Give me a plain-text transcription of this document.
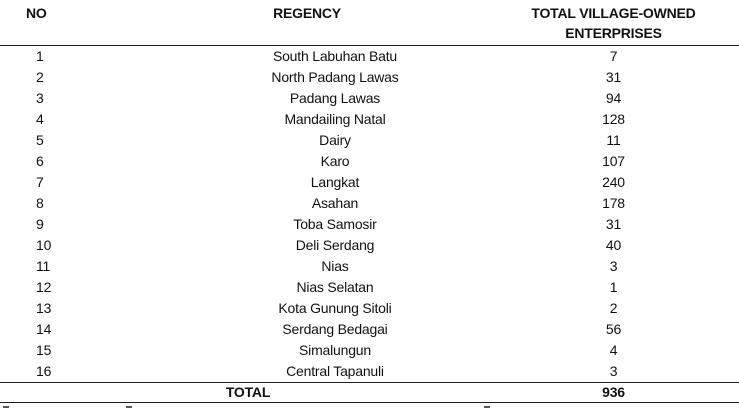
NO	REGENCY	TOTAL VILLAGE-OWNED
ENTERPRISES
1	South Labuhan Batu	7
2	North Padang Lawas	31
3	Padang Lawas	94
4	Mandailing Natal	128
5	Dairy	11
6	Karo	107
7	Langkat	240
8	Asahan	178
9	Toba Samosir	31
10	Deli Serdang	40
11	Nias	3
12	Nias Selatan	1
13	Kota Gunung Sitoli	2
14	Serdang Bedagai	56
15	Simalungun	4
16	Central Tapanuli	3
	TOTAL	936
